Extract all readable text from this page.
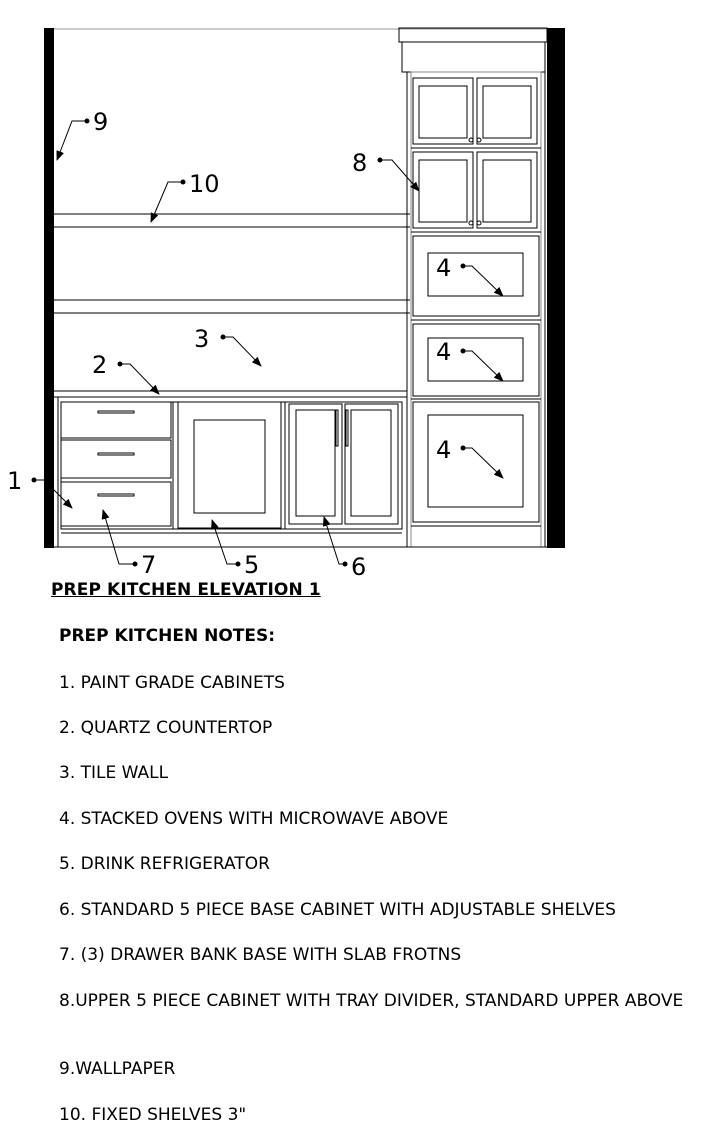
9
10
8
4
4
4
3
2
1
7	5	6
PREP KITCHEN ELEVATION 1
PREP KITCHEN NOTES:
1. PAINT GRADE CABINETS
2. QUARTZ COUNTERTOP
3. TILE WALL
4. STACKED OVENS WITH MICROWAVE ABOVE
5. DRINK REFRIGERATOR
6. STANDARD 5 PIECE BASE CABINET WITH ADJUSTABLE SHELVES
7. (3) DRAWER BANK BASE WITH SLAB FROTNS
8.UPPER 5 PIECE CABINET WITH TRAY DIVIDER, STANDARD UPPER ABOVE
9.WALLPAPER
10. FIXED SHELVES 3"
